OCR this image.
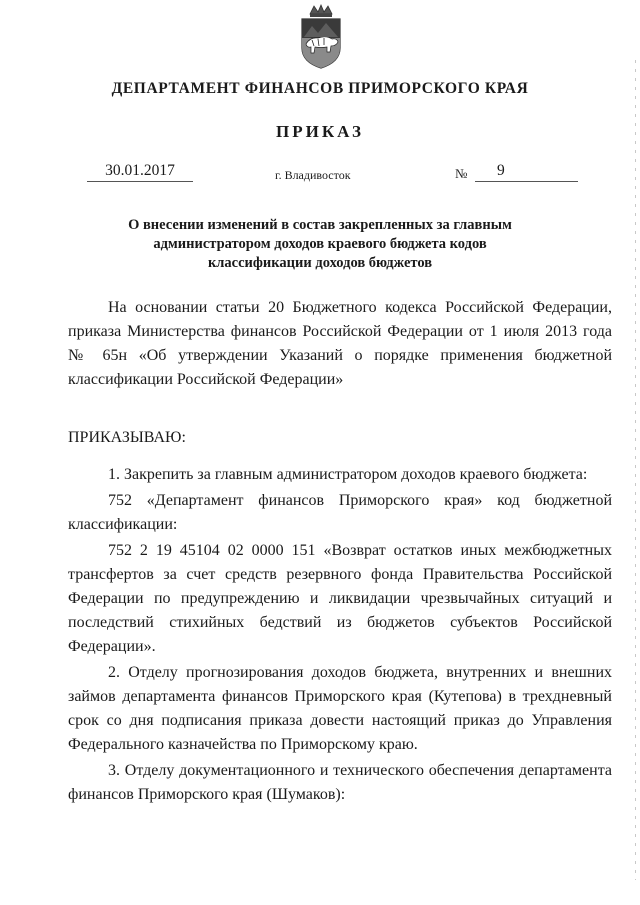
ДЕПАРТАМЕНТ ФИНАНСОВ ПРИМОРСКОГО КРАЯ
ПРИКАЗ
30.01.2017	г. Владивосток	№	9
О внесении изменений в состав закрепленных за главным администратором доходов краевого бюджета кодов классификации доходов бюджетов

На основании статьи 20 Бюджетного кодекса Российской Федерации, приказа Министерства финансов Российской Федерации от 1 июля 2013 года № 65н «Об утверждении Указаний о порядке применения бюджетной классификации Российской Федерации»

ПРИКАЗЫВАЮ:

1. Закрепить за главным администратором доходов краевого бюджета:

752 «Департамент финансов Приморского края» код бюджетной классификации:

752 2 19 45104 02 0000 151 «Возврат остатков иных межбюджетных трансфертов за счет средств резервного фонда Правительства Российской Федерации по предупреждению и ликвидации чрезвычайных ситуаций и последствий стихийных бедствий из бюджетов субъектов Российской Федерации».

2. Отделу прогнозирования доходов бюджета, внутренних и внешних займов департамента финансов Приморского края (Кутепова) в трехдневный срок со дня подписания приказа довести настоящий приказ до Управления Федерального казначейства по Приморскому краю.

3. Отделу документационного и технического обеспечения департамента финансов Приморского края (Шумаков):
